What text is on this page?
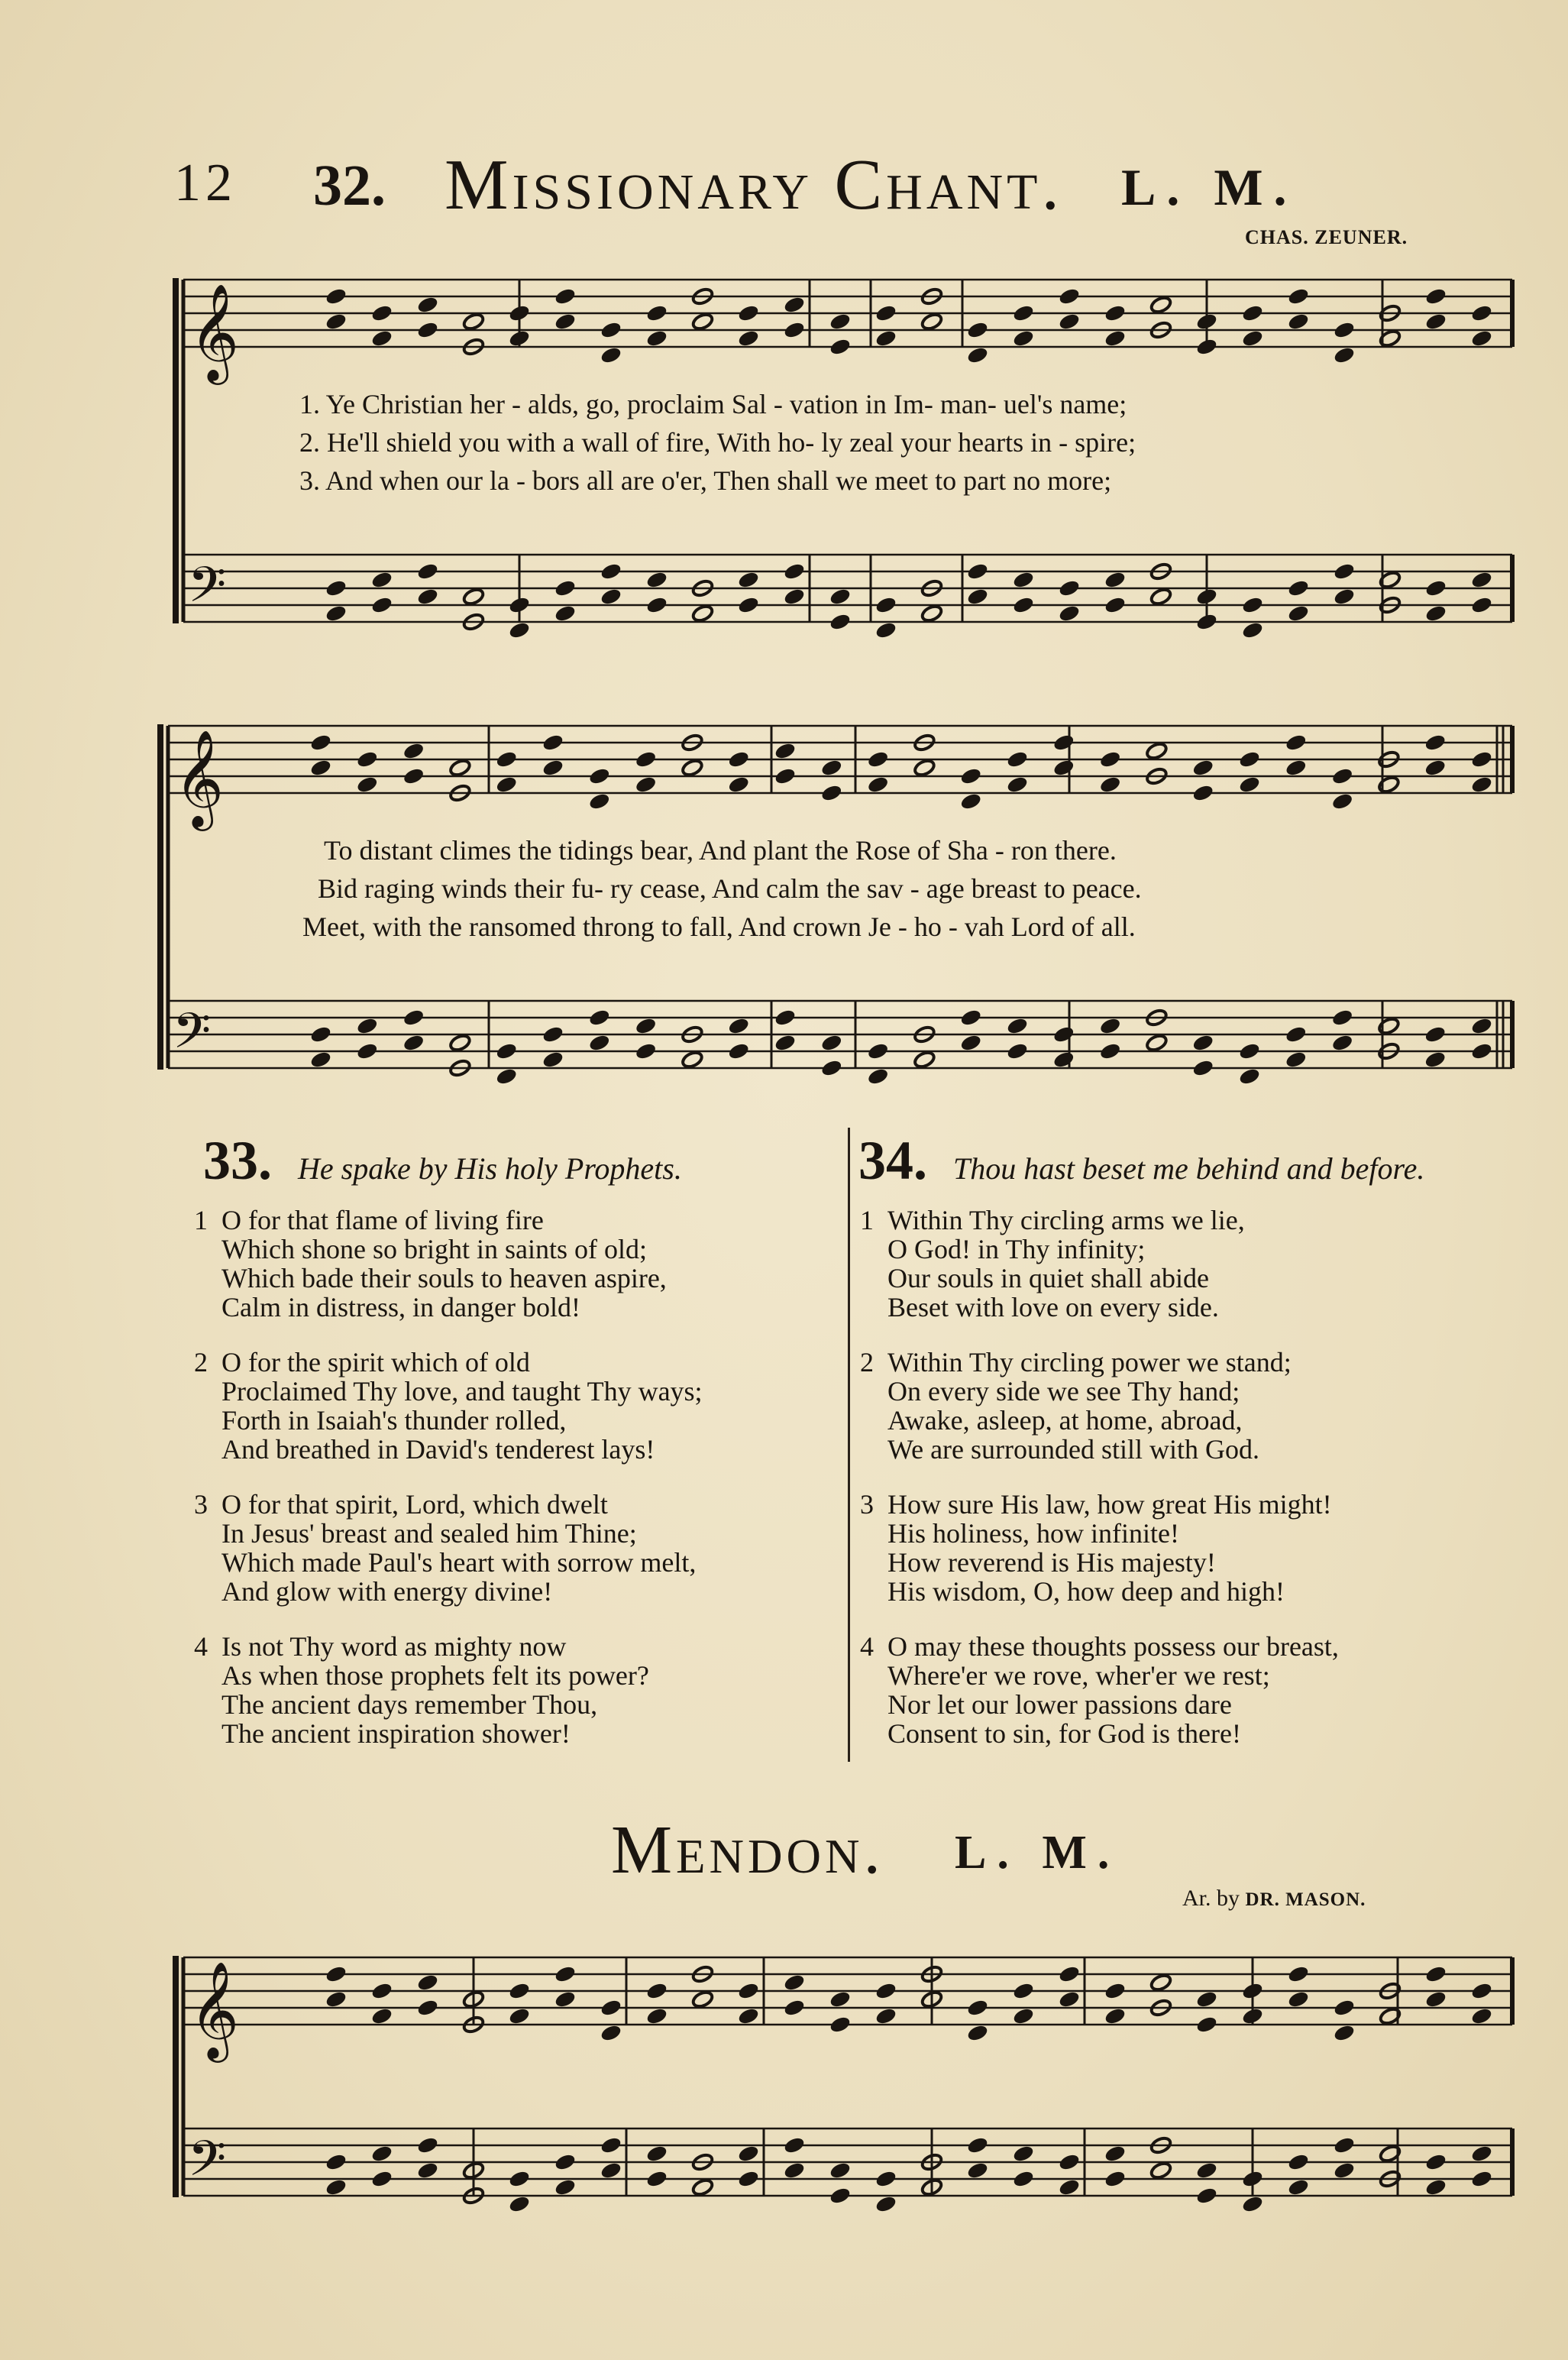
12 32. Missionary Chant. L. M.
CHAS. ZEUNER.
𝄞
𝄢
𝄞
𝄢
𝄞
𝄢
1. Ye Christian her - alds, go, proclaim Sal - vation in Im- man- uel's name;
2. He'll shield you with a wall of fire, With ho- ly zeal your hearts in - spire;
3. And when our la - bors all are o'er, Then shall we meet to part no more;
To distant climes the tidings bear, And plant the Rose of Sha - ron there.
Bid raging winds their fu- ry cease, And calm the sav - age breast to peace.
Meet, with the ransomed throng to fall, And crown Je - ho - vah Lord of all.
33. He spake by His holy Prophets.
1 O for that flame of living fire
Which shone so bright in saints of old;
Which bade their souls to heaven aspire,
Calm in distress, in danger bold!
2 O for the spirit which of old
Proclaimed Thy love, and taught Thy ways;
Forth in Isaiah's thunder rolled,
And breathed in David's tenderest lays!
3 O for that spirit, Lord, which dwelt
In Jesus' breast and sealed him Thine;
Which made Paul's heart with sorrow melt,
And glow with energy divine!
4 Is not Thy word as mighty now
As when those prophets felt its power?
The ancient days remember Thou,
The ancient inspiration shower!
34. Thou hast beset me behind and before.
1 Within Thy circling arms we lie,
O God! in Thy infinity;
Our souls in quiet shall abide
Beset with love on every side.
2 Within Thy circling power we stand;
On every side we see Thy hand;
Awake, asleep, at home, abroad,
We are surrounded still with God.
3 How sure His law, how great His might!
His holiness, how infinite!
How reverend is His majesty!
His wisdom, O, how deep and high!
4 O may these thoughts possess our breast,
Where'er we rove, wher'er we rest;
Nor let our lower passions dare
Consent to sin, for God is there!
Mendon. L. M.
Ar. by DR. MASON.
